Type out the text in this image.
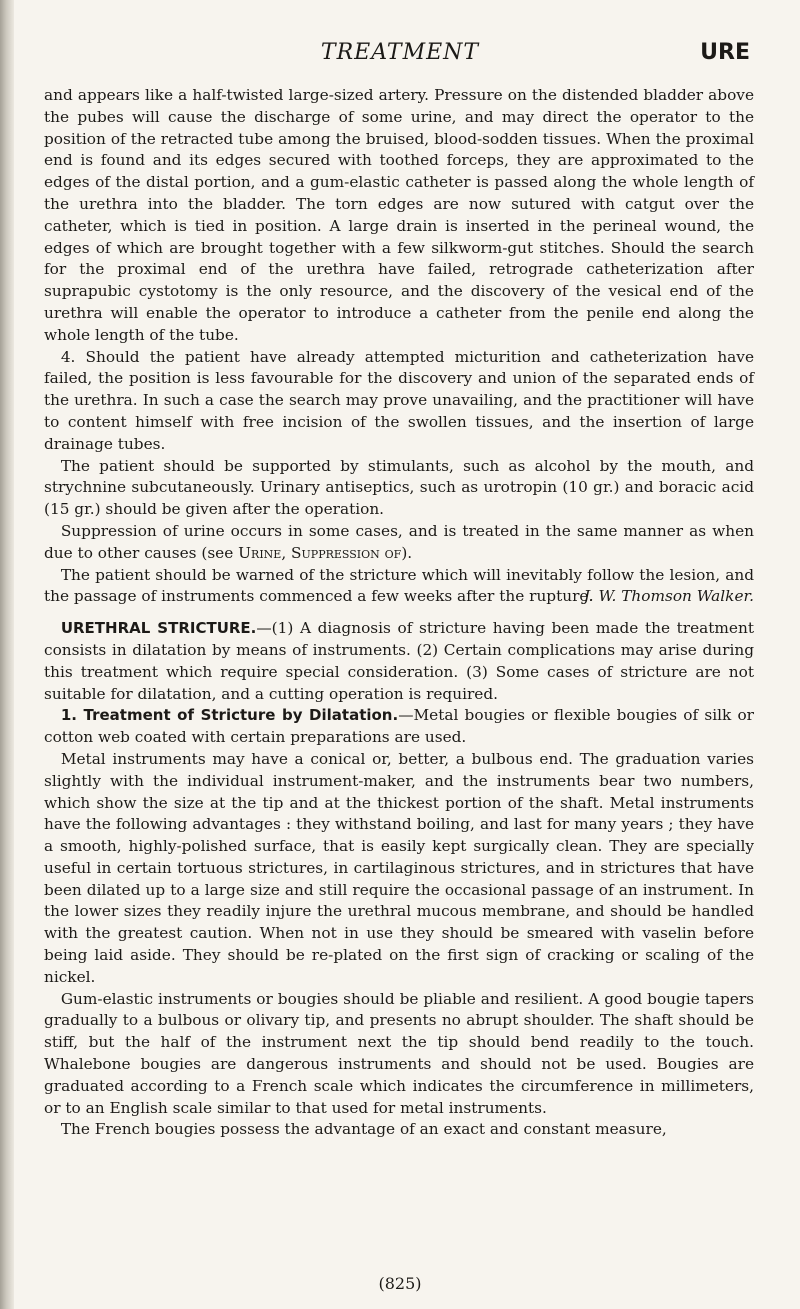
TREATMENT	URE

and appears like a half-twisted large-sized artery. Pressure on the distended bladder above the pubes will cause the discharge of some urine, and may direct the operator to the position of the retracted tube among the bruised, blood-sodden tissues. When the proximal end is found and its edges secured with toothed forceps, they are approximated to the edges of the distal portion, and a gum-elastic catheter is passed along the whole length of the urethra into the bladder. The torn edges are now sutured with catgut over the catheter, which is tied in position. A large drain is inserted in the perineal wound, the edges of which are brought together with a few silkworm-gut stitches. Should the search for the proximal end of the urethra have failed, retrograde catheterization after suprapubic cystotomy is the only resource, and the discovery of the vesical end of the urethra will enable the operator to introduce a catheter from the penile end along the whole length of the tube.

4. Should the patient have already attempted micturition and catheterization have failed, the position is less favourable for the discovery and union of the separated ends of the urethra. In such a case the search may prove unavailing, and the practitioner will have to content himself with free incision of the swollen tissues, and the insertion of large drainage tubes.

The patient should be supported by stimulants, such as alcohol by the mouth, and strychnine subcutaneously. Urinary antiseptics, such as urotropin (10 gr.) and boracic acid (15 gr.) should be given after the operation.

Suppression of urine occurs in some cases, and is treated in the same manner as when due to other causes (see Urine, Suppression of).

The patient should be warned of the stricture which will inevitably follow the lesion, and the passage of instruments commenced a few weeks after the rupture.

J. W. Thomson Walker.

URETHRAL STRICTURE.—(1) A diagnosis of stricture having been made the treatment consists in dilatation by means of instruments. (2) Certain complications may arise during this treatment which require special consideration. (3) Some cases of stricture are not suitable for dilatation, and a cutting operation is required.

1. Treatment of Stricture by Dilatation.—Metal bougies or flexible bougies of silk or cotton web coated with certain preparations are used.

Metal instruments may have a conical or, better, a bulbous end. The graduation varies slightly with the individual instrument-maker, and the instruments bear two numbers, which show the size at the tip and at the thickest portion of the shaft. Metal instruments have the following advantages : they withstand boiling, and last for many years ; they have a smooth, highly-polished surface, that is easily kept surgically clean. They are specially useful in certain tortuous strictures, in cartilaginous strictures, and in strictures that have been dilated up to a large size and still require the occasional passage of an instrument. In the lower sizes they readily injure the urethral mucous membrane, and should be handled with the greatest caution. When not in use they should be smeared with vaselin before being laid aside. They should be re-plated on the first sign of cracking or scaling of the nickel.

Gum-elastic instruments or bougies should be pliable and resilient. A good bougie tapers gradually to a bulbous or olivary tip, and presents no abrupt shoulder. The shaft should be stiff, but the half of the instrument next the tip should bend readily to the touch. Whalebone bougies are dangerous instruments and should not be used. Bougies are graduated according to a French scale which indicates the circumference in millimeters, or to an English scale similar to that used for metal instruments.

The French bougies possess the advantage of an exact and constant measure,

(825)
